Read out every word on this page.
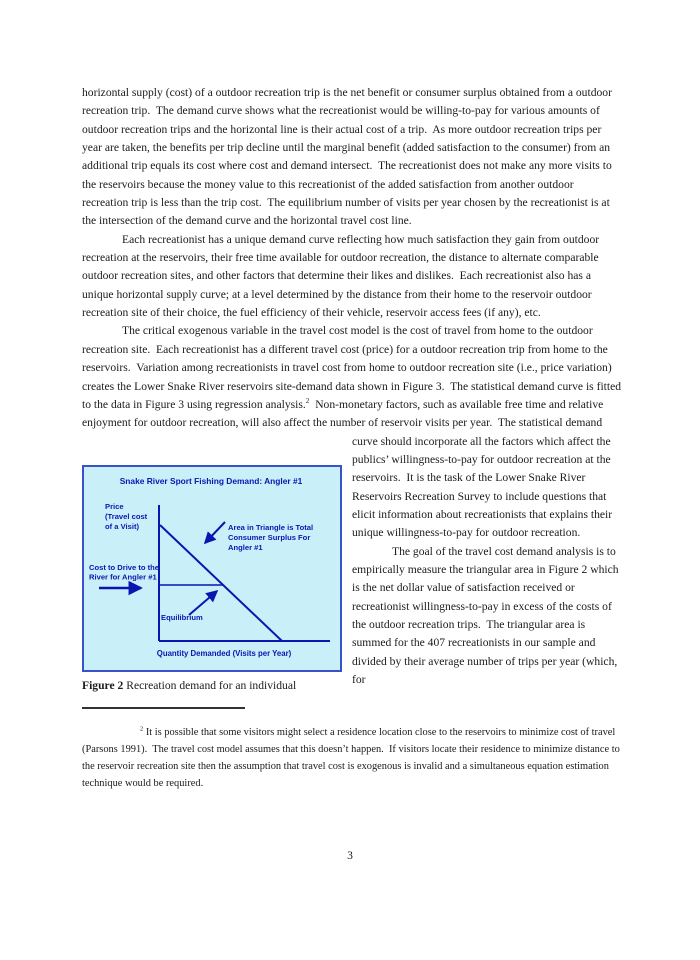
horizontal supply (cost) of a outdoor recreation trip is the net benefit or consumer surplus obtained from a outdoor recreation trip.  The demand curve shows what the recreationist would be willing-to-pay for various amounts of outdoor recreation trips and the horizontal line is their actual cost of a trip.  As more outdoor recreation trips per year are taken, the benefits per trip decline until the marginal benefit (added satisfaction to the consumer) from an additional trip equals its cost where cost and demand intersect.  The recreationist does not make any more visits to the reservoirs because the money value to this recreationist of the added satisfaction from another outdoor recreation trip is less than the trip cost.  The equilibrium number of visits per year chosen by the recreationist is at the intersection of the demand curve and the horizontal travel cost line.

Each recreationist has a unique demand curve reflecting how much satisfaction they gain from outdoor recreation at the reservoirs, their free time available for outdoor recreation, the distance to alternate comparable outdoor recreation sites, and other factors that determine their likes and dislikes.  Each recreationist also has a unique horizontal supply curve; at a level determined by the distance from their home to the reservoir outdoor recreation site of their choice, the fuel efficiency of their vehicle, reservoir access fees (if any), etc.

The critical exogenous variable in the travel cost model is the cost of travel from home to the outdoor recreation site.  Each recreationist has a different travel cost (price) for a outdoor recreation trip from home to the reservoirs.  Variation among recreationists in travel cost from home to outdoor recreation site (i.e., price variation) creates the Lower Snake River reservoirs site-demand data shown in Figure 3.  The statistical demand curve is fitted to the data in Figure 3 using regression analysis.$^2$  Non-monetary factors, such as available free time and relative enjoyment for outdoor recreation, will also affect the number of reservoir visits per year.  The statistical demand curve should incorporate all
Snake River Sport Fishing Demand: Angler #1
Price (Travel cost of a Visit)	Area in Triangle is Total Consumer Surplus For Angler #1
Cost to Drive to the River for Angler #1
Equilibrium
Quantity Demanded (Visits per Year)
Figure 2 Recreation demand for an individual
the factors which affect the publics’ willingness-to-pay for outdoor recreation at the reservoirs.  It is the task of the Lower Snake River Reservoirs Recreation Survey to include questions that elicit information about recreationists that explains their unique willingness-to-pay for outdoor recreation.

The goal of the travel cost demand analysis is to empirically measure the triangular area in Figure 2 which is the net dollar value of satisfaction received or recreationist willingness-to-pay in excess of the costs of the outdoor recreation trips.  The triangular area is summed for the 407 recreationists in our sample and divided by their average number of trips per year (which, for

$^2$ It is possible that some visitors might select a residence location close to the reservoirs to minimize cost of travel (Parsons 1991).  The travel cost model assumes that this doesn’t happen.  If visitors locate their residence to minimize distance to the reservoir recreation site then the assumption that travel cost is exogenous is invalid and a simultaneous equation estimation technique would be required.

3
